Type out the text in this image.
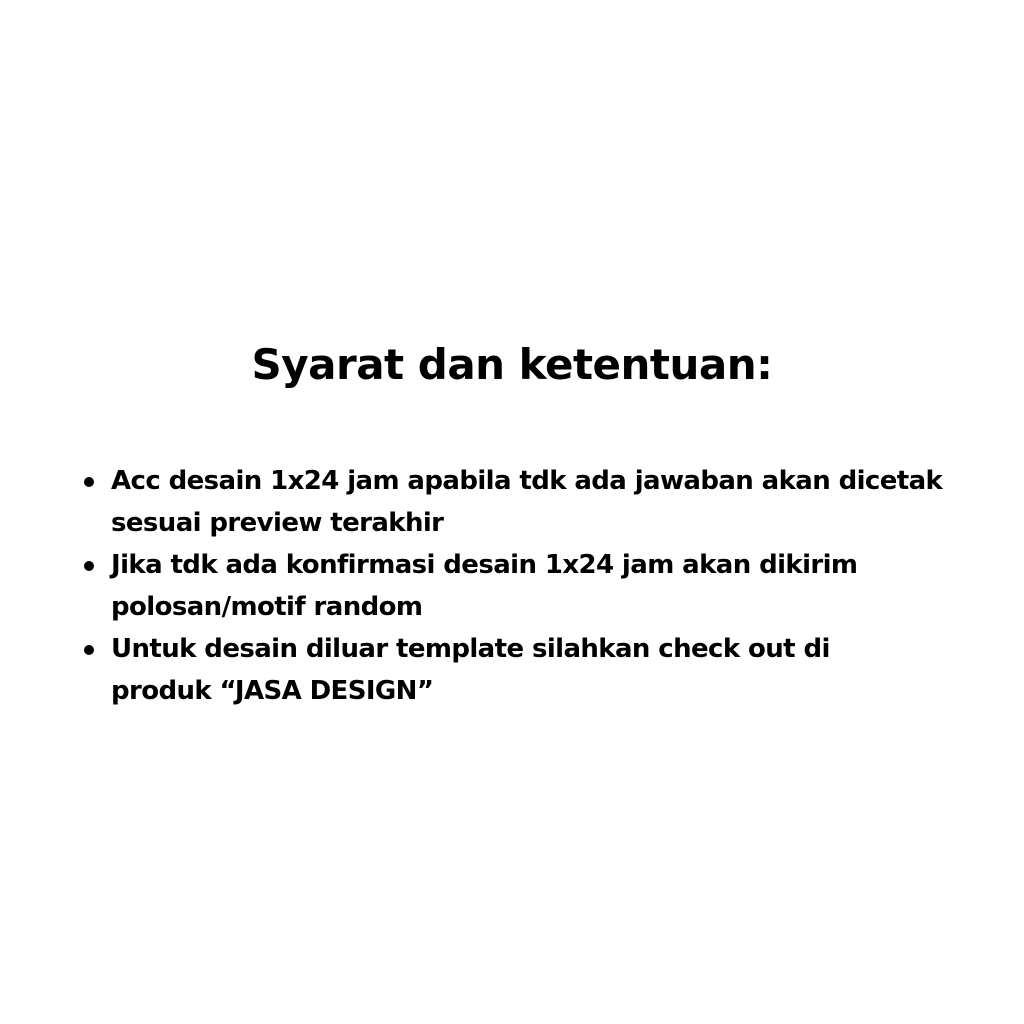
Syarat dan ketentuan:
Acc desain 1x24 jam apabila tdk ada jawaban akan dicetak
sesuai preview terakhir
Jika tdk ada konfirmasi desain 1x24 jam akan dikirim
polosan/motif random
Untuk desain diluar template silahkan check out di
produk “JASA DESIGN”
